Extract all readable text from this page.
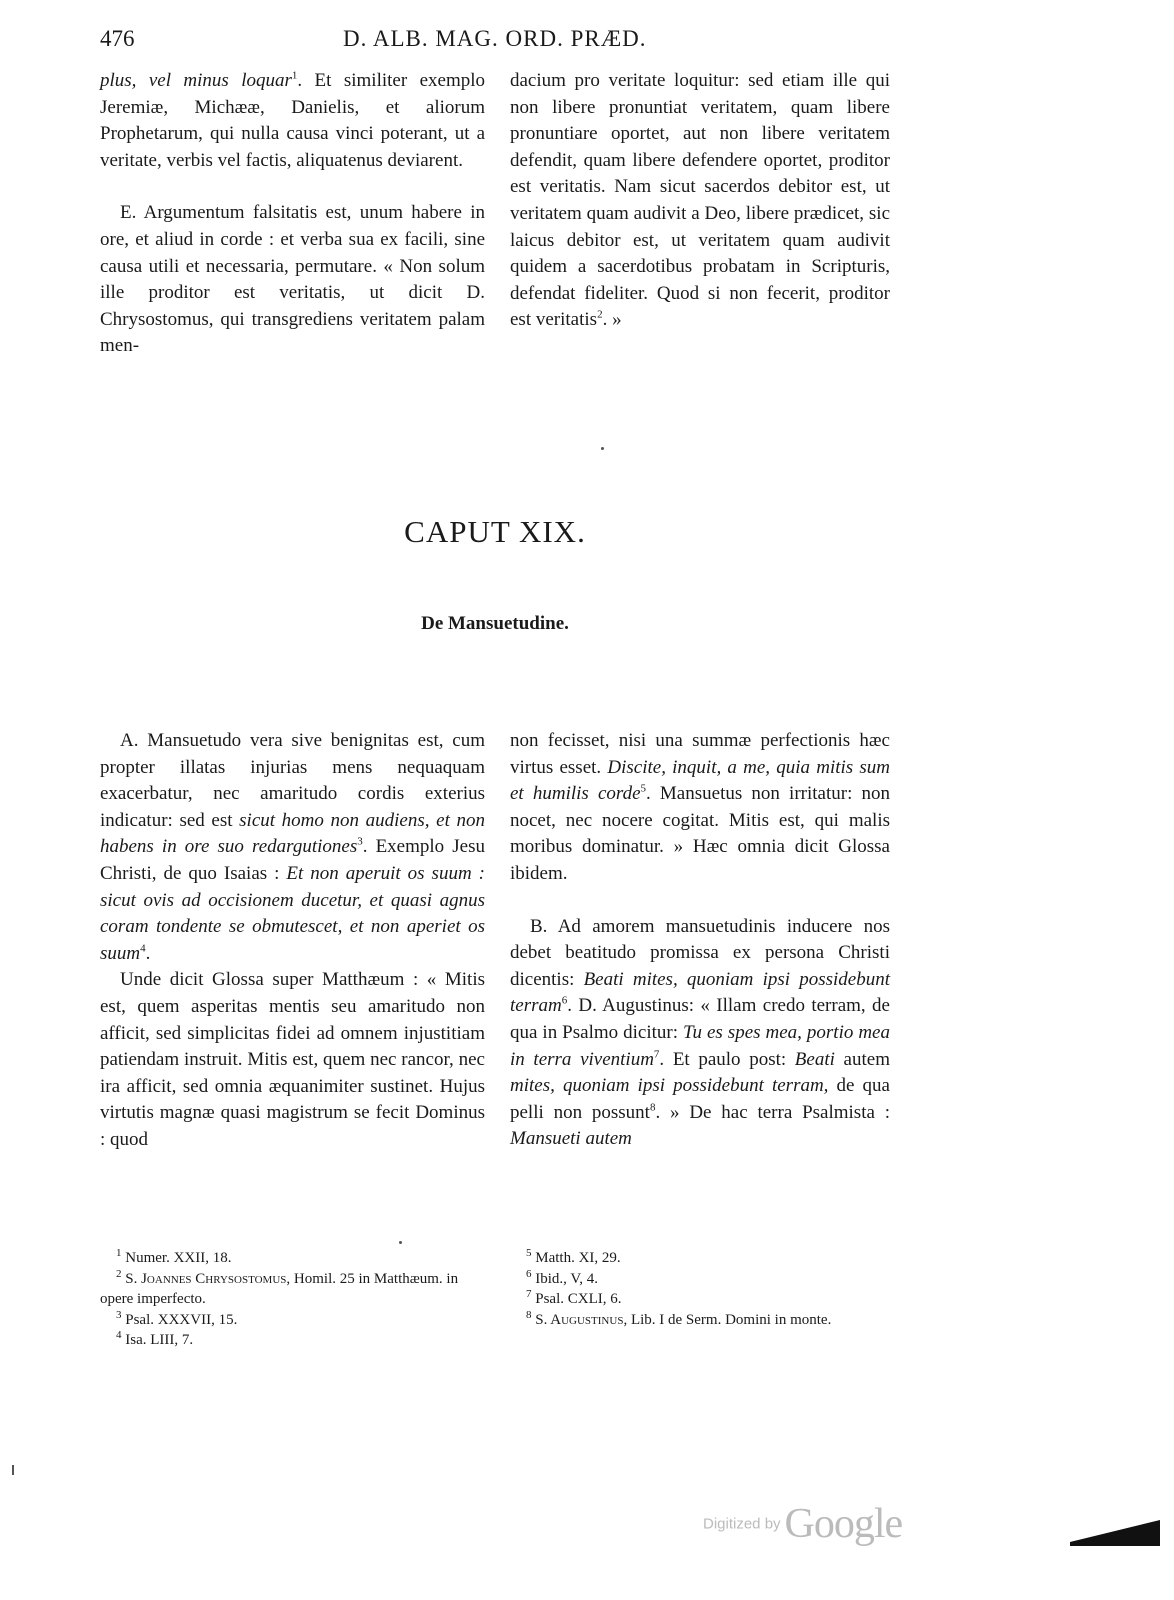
476	D. ALB. MAG. ORD. PRÆD.

plus, vel minus loquar$^1$. Et similiter exemplo Jeremiæ, Michææ, Danielis, et aliorum Prophetarum, qui nulla causa vinci poterant, ut a veritate, verbis vel factis, aliquatenus deviarent.

E. Argumentum falsitatis est, unum habere in ore, et aliud in corde : et verba sua ex facili, sine causa utili et necessaria, permutare. « Non solum ille proditor est veritatis, ut dicit D. Chrysostomus, qui transgrediens veritatem palam men-

dacium pro veritate loquitur: sed etiam ille qui non libere pronuntiat veritatem, quam libere pronuntiare oportet, aut non libere veritatem defendit, quam libere defendere oportet, proditor est veritatis. Nam sicut sacerdos debitor est, ut veritatem quam audivit a Deo, libere prædicet, sic laicus debitor est, ut veritatem quam audivit quidem a sacerdotibus probatam in Scripturis, defendat fideliter. Quod si non fecerit, proditor est veritatis$^2$. »

CAPUT XIX.
De Mansuetudine.

A. Mansuetudo vera sive benignitas est, cum propter illatas injurias mens nequaquam exacerbatur, nec amaritudo cordis exterius indicatur: sed est sicut homo non audiens, et non habens in ore suo redargutiones$^3$. Exemplo Jesu Christi, de quo Isaias : Et non aperuit os suum : sicut ovis ad occisionem ducetur, et quasi agnus coram tondente se obmutescet, et non aperiet os suum$^4$.

Unde dicit Glossa super Matthæum : « Mitis est, quem asperitas mentis seu amaritudo non afficit, sed simplicitas fidei ad omnem injustitiam patiendam instruit. Mitis est, quem nec rancor, nec ira afficit, sed omnia æquanimiter sustinet. Hujus virtutis magnæ quasi magistrum se fecit Dominus : quod

non fecisset, nisi una summæ perfectionis hæc virtus esset. Discite, inquit, a me, quia mitis sum et humilis corde$^5$. Mansuetus non irritatur: non nocet, nec nocere cogitat. Mitis est, qui malis moribus dominatur. » Hæc omnia dicit Glossa ibidem.

B. Ad amorem mansuetudinis inducere nos debet beatitudo promissa ex persona Christi dicentis: Beati mites, quoniam ipsi possidebunt terram$^6$. D. Augustinus: « Illam credo terram, de qua in Psalmo dicitur: Tu es spes mea, portio mea in terra viventium$^7$. Et paulo post: Beati autem mites, quoniam ipsi possidebunt terram, de qua pelli non possunt$^8$. » De hac terra Psalmista : Mansueti autem

$^1$ Numer. XXII, 18.

$^2$ S. Joannes Chrysostomus, Homil. 25 in Matthæum. in opere imperfecto.

$^3$ Psal. XXXVII, 15.

$^4$ Isa. LIII, 7.

$^5$ Matth. XI, 29.

$^6$ Ibid., V, 4.

$^7$ Psal. CXLI, 6.

$^8$ S. Augustinus, Lib. I de Serm. Domini in monte.

Digitized by Google
